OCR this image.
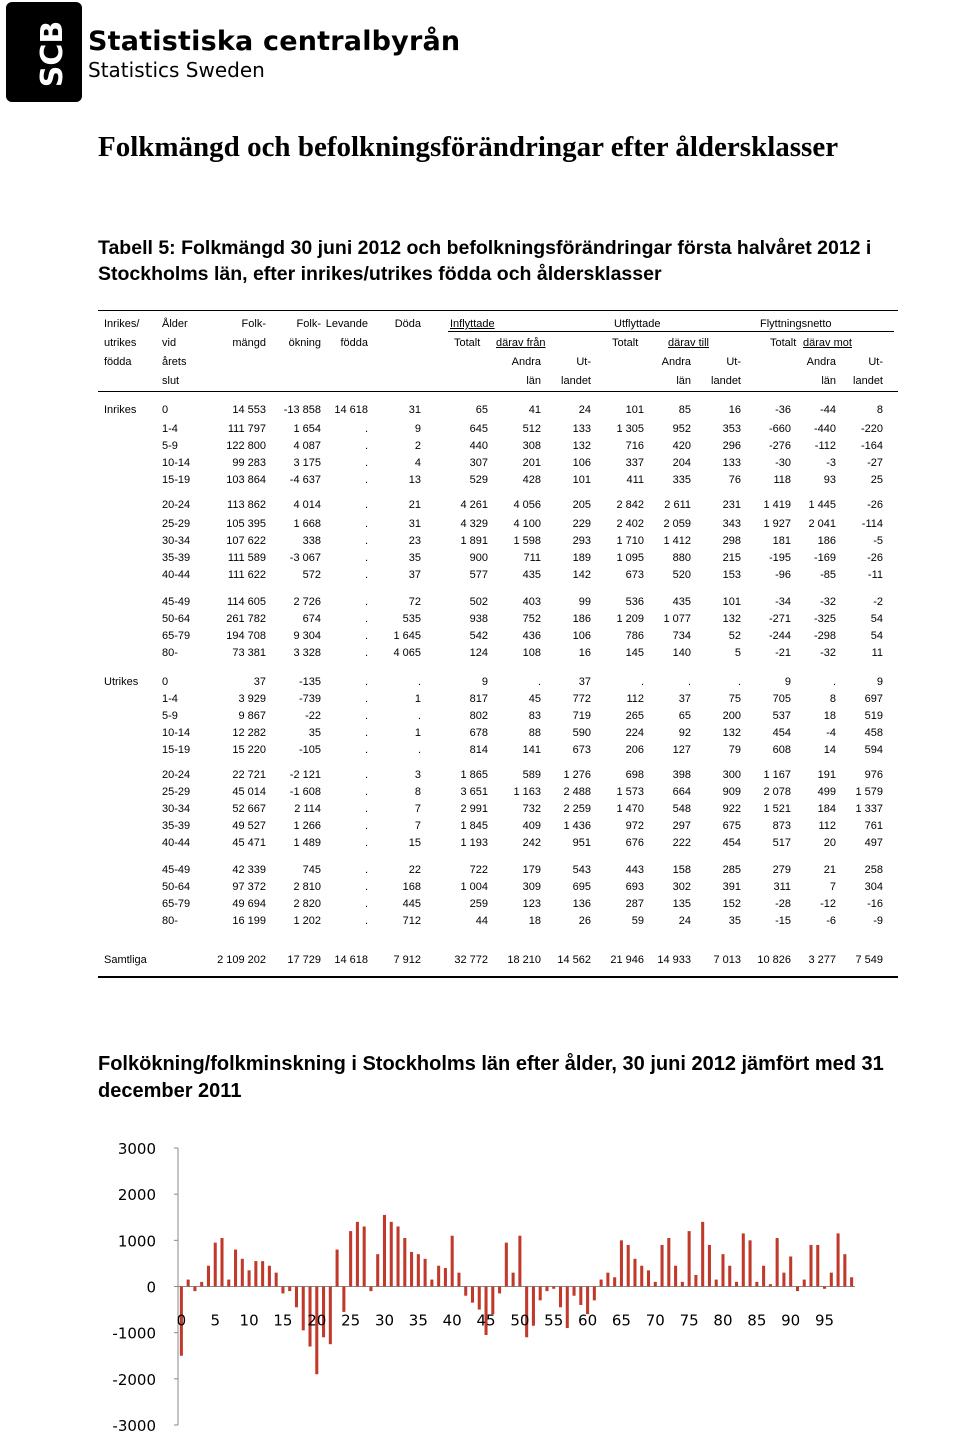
SCB Statistiska centralbyrån
Statistics Sweden
Folkmängd och befolkningsförändringar efter åldersklasser
Tabell 5: Folkmängd 30 juni 2012 och befolkningsförändringar första halvåret 2012 i Stockholms län, efter inrikes/utrikes födda och åldersklasser
Inrikes/ Ålder	Folk-	Folk- Levande	Döda	Inflyttade	Utflyttade	Flyttningsnetto
utrikes vid	mängd	ökning	födda	Totalt därav från	Totalt	därav till	Totalt därav mot
födda	årets	Andra	Ut-	Andra	Ut-	Andra	Ut-
slut	län	landet	län	landet	län	landet
Inrikes 0	14 553	-13 858	14 618	31	65	41	24	101	85	16	-36	-44	8
1-4	111 797	1 654	.	9	645	512	133	1 305	952	353	-660	-440	-220
5-9	122 800	4 087	.	2	440	308	132	716	420	296	-276	-112	-164
10-14	99 283	3 175	.	4	307	201	106	337	204	133	-30	-3	-27
15-19	103 864	-4 637	.	13	529	428	101	411	335	76	118	93	25
20-24	113 862	4 014	.	21	4 261	4 056	205	2 842	2 611	231	1 419	1 445	-26
25-29	105 395	1 668	.	31	4 329	4 100	229	2 402	2 059	343	1 927	2 041	-114
30-34	107 622	338	.	23	1 891	1 598	293	1 710	1 412	298	181	186	-5
35-39	111 589	-3 067	.	35	900	711	189	1 095	880	215	-195	-169	-26
40-44	111 622	572	.	37	577	435	142	673	520	153	-96	-85	-11
45-49	114 605	2 726	.	72	502	403	99	536	435	101	-34	-32	-2
50-64	261 782	674	.	535	938	752	186	1 209	1 077	132	-271	-325	54
65-79	194 708	9 304	.	1 645	542	436	106	786	734	52	-244	-298	54
80-	73 381	3 328	.	4 065	124	108	16	145	140	5	-21	-32	11
Utrikes 0	37	-135	.	.	9	.	37	.	.	.	9	.	9
1-4	3 929	-739	.	1	817	45	772	112	37	75	705	8	697
5-9	9 867	-22	.	.	802	83	719	265	65	200	537	18	519
10-14	12 282	35	.	1	678	88	590	224	92	132	454	-4	458
15-19	15 220	-105	.	.	814	141	673	206	127	79	608	14	594
20-24	22 721	-2 121	.	3	1 865	589	1 276	698	398	300	1 167	191	976
25-29	45 014	-1 608	.	8	3 651	1 163	2 488	1 573	664	909	2 078	499	1 579
30-34	52 667	2 114	.	7	2 991	732	2 259	1 470	548	922	1 521	184	1 337
35-39	49 527	1 266	.	7	1 845	409	1 436	972	297	675	873	112	761
40-44	45 471	1 489	.	15	1 193	242	951	676	222	454	517	20	497
45-49	42 339	745	.	22	722	179	543	443	158	285	279	21	258
50-64	97 372	2 810	.	168	1 004	309	695	693	302	391	311	7	304
65-79	49 694	2 820	.	445	259	123	136	287	135	152	-28	-12	-16
80-	16 199	1 202	.	712	44	18	26	59	24	35	-15	-6	-9
Samtliga	2 109 202	17 729	14 618	7 912	32 772	18 210	14 562	21 946	14 933	7 013	10 826	3 277	7 549
Folkökning/folkminskning i Stockholms län efter ålder, 30 juni 2012 jämfört med 31 december 2011
3000
2000
1000
0
-1000
-2000
-3000
0 5 10 15 20 25 30 35 40 45 50 55 60 65 70 75 80 85 90 95
